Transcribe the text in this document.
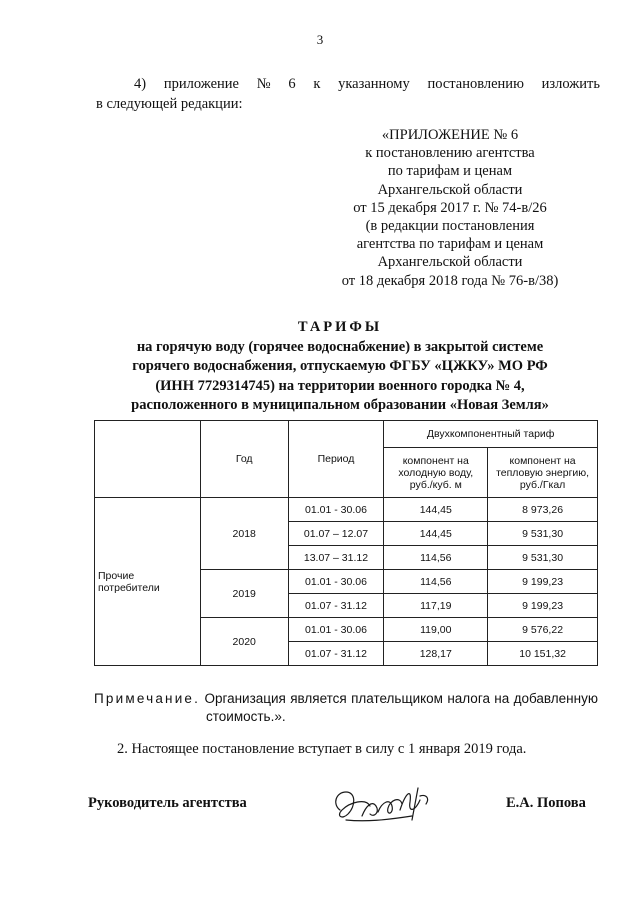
3
4) приложение № 6 к указанному постановлению изложить
в следующей редакции:
«ПРИЛОЖЕНИЕ № 6
к постановлению агентства
по тарифам и ценам
Архангельской области
от 15 декабря 2017 г. № 74-в/26
(в редакции постановления
агентства по тарифам и ценам
Архангельской области
от 18 декабря 2018 года № 76-в/38)
ТАРИФЫ
на горячую воду (горячее водоснабжение) в закрытой системе
горячего водоснабжения, отпускаемую ФГБУ «ЦЖКУ» МО РФ
(ИНН 7729314745) на территории военного городка № 4,
расположенного в муниципальном образовании «Новая Земля»
	Год	Период	Двухкомпонентный тариф	
			компонент на холодную воду, руб./куб. м	компонент на тепловую энергию, руб./Гкал
Прочие потребители	2018	01.01 - 30.06	144,45	8 973,26
		01.07 – 12.07	144,45	9 531,30
		13.07 – 31.12	114,56	9 531,30
	2019	01.01 - 30.06	114,56	9 199,23
		01.07 - 31.12	117,19	9 199,23
	2020	01.01 - 30.06	119,00	9 576,22
		01.07 - 31.12	128,17	10 151,32
Примечание. Организация является плательщиком налога на добавленную
стоимость.».
2. Настоящее постановление вступает в силу с 1 января 2019 года.
Руководитель агентства	Е.А. Попова
